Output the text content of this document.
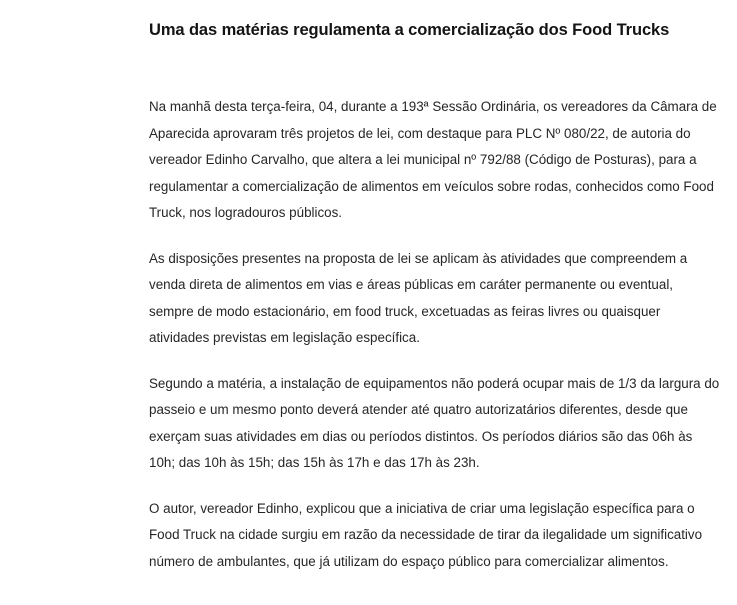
Uma das matérias regulamenta a comercialização dos Food Trucks

Na manhã desta terça-feira, 04, durante a 193ª Sessão Ordinária, os vereadores da Câmara de Aparecida aprovaram três projetos de lei, com destaque para PLC Nº 080/22, de autoria do vereador Edinho Carvalho, que altera a lei municipal nº 792/88 (Código de Posturas), para a regulamentar a comercialização de alimentos em veículos sobre rodas, conhecidos como Food Truck, nos logradouros públicos.

As disposições presentes na proposta de lei se aplicam às atividades que compreendem a venda direta de alimentos em vias e áreas públicas em caráter permanente ou eventual, sempre de modo estacionário, em food truck, excetuadas as feiras livres ou quaisquer atividades previstas em legislação específica.

Segundo a matéria, a instalação de equipamentos não poderá ocupar mais de 1/3 da largura do passeio e um mesmo ponto deverá atender até quatro autorizatários diferentes, desde que exerçam suas atividades em dias ou períodos distintos. Os períodos diários são das 06h às 10h; das 10h às 15h; das 15h às 17h e das 17h às 23h.

O autor, vereador Edinho, explicou que a iniciativa de criar uma legislação específica para o Food Truck na cidade surgiu em razão da necessidade de tirar da ilegalidade um significativo número de ambulantes, que já utilizam do espaço público para comercializar alimentos.
